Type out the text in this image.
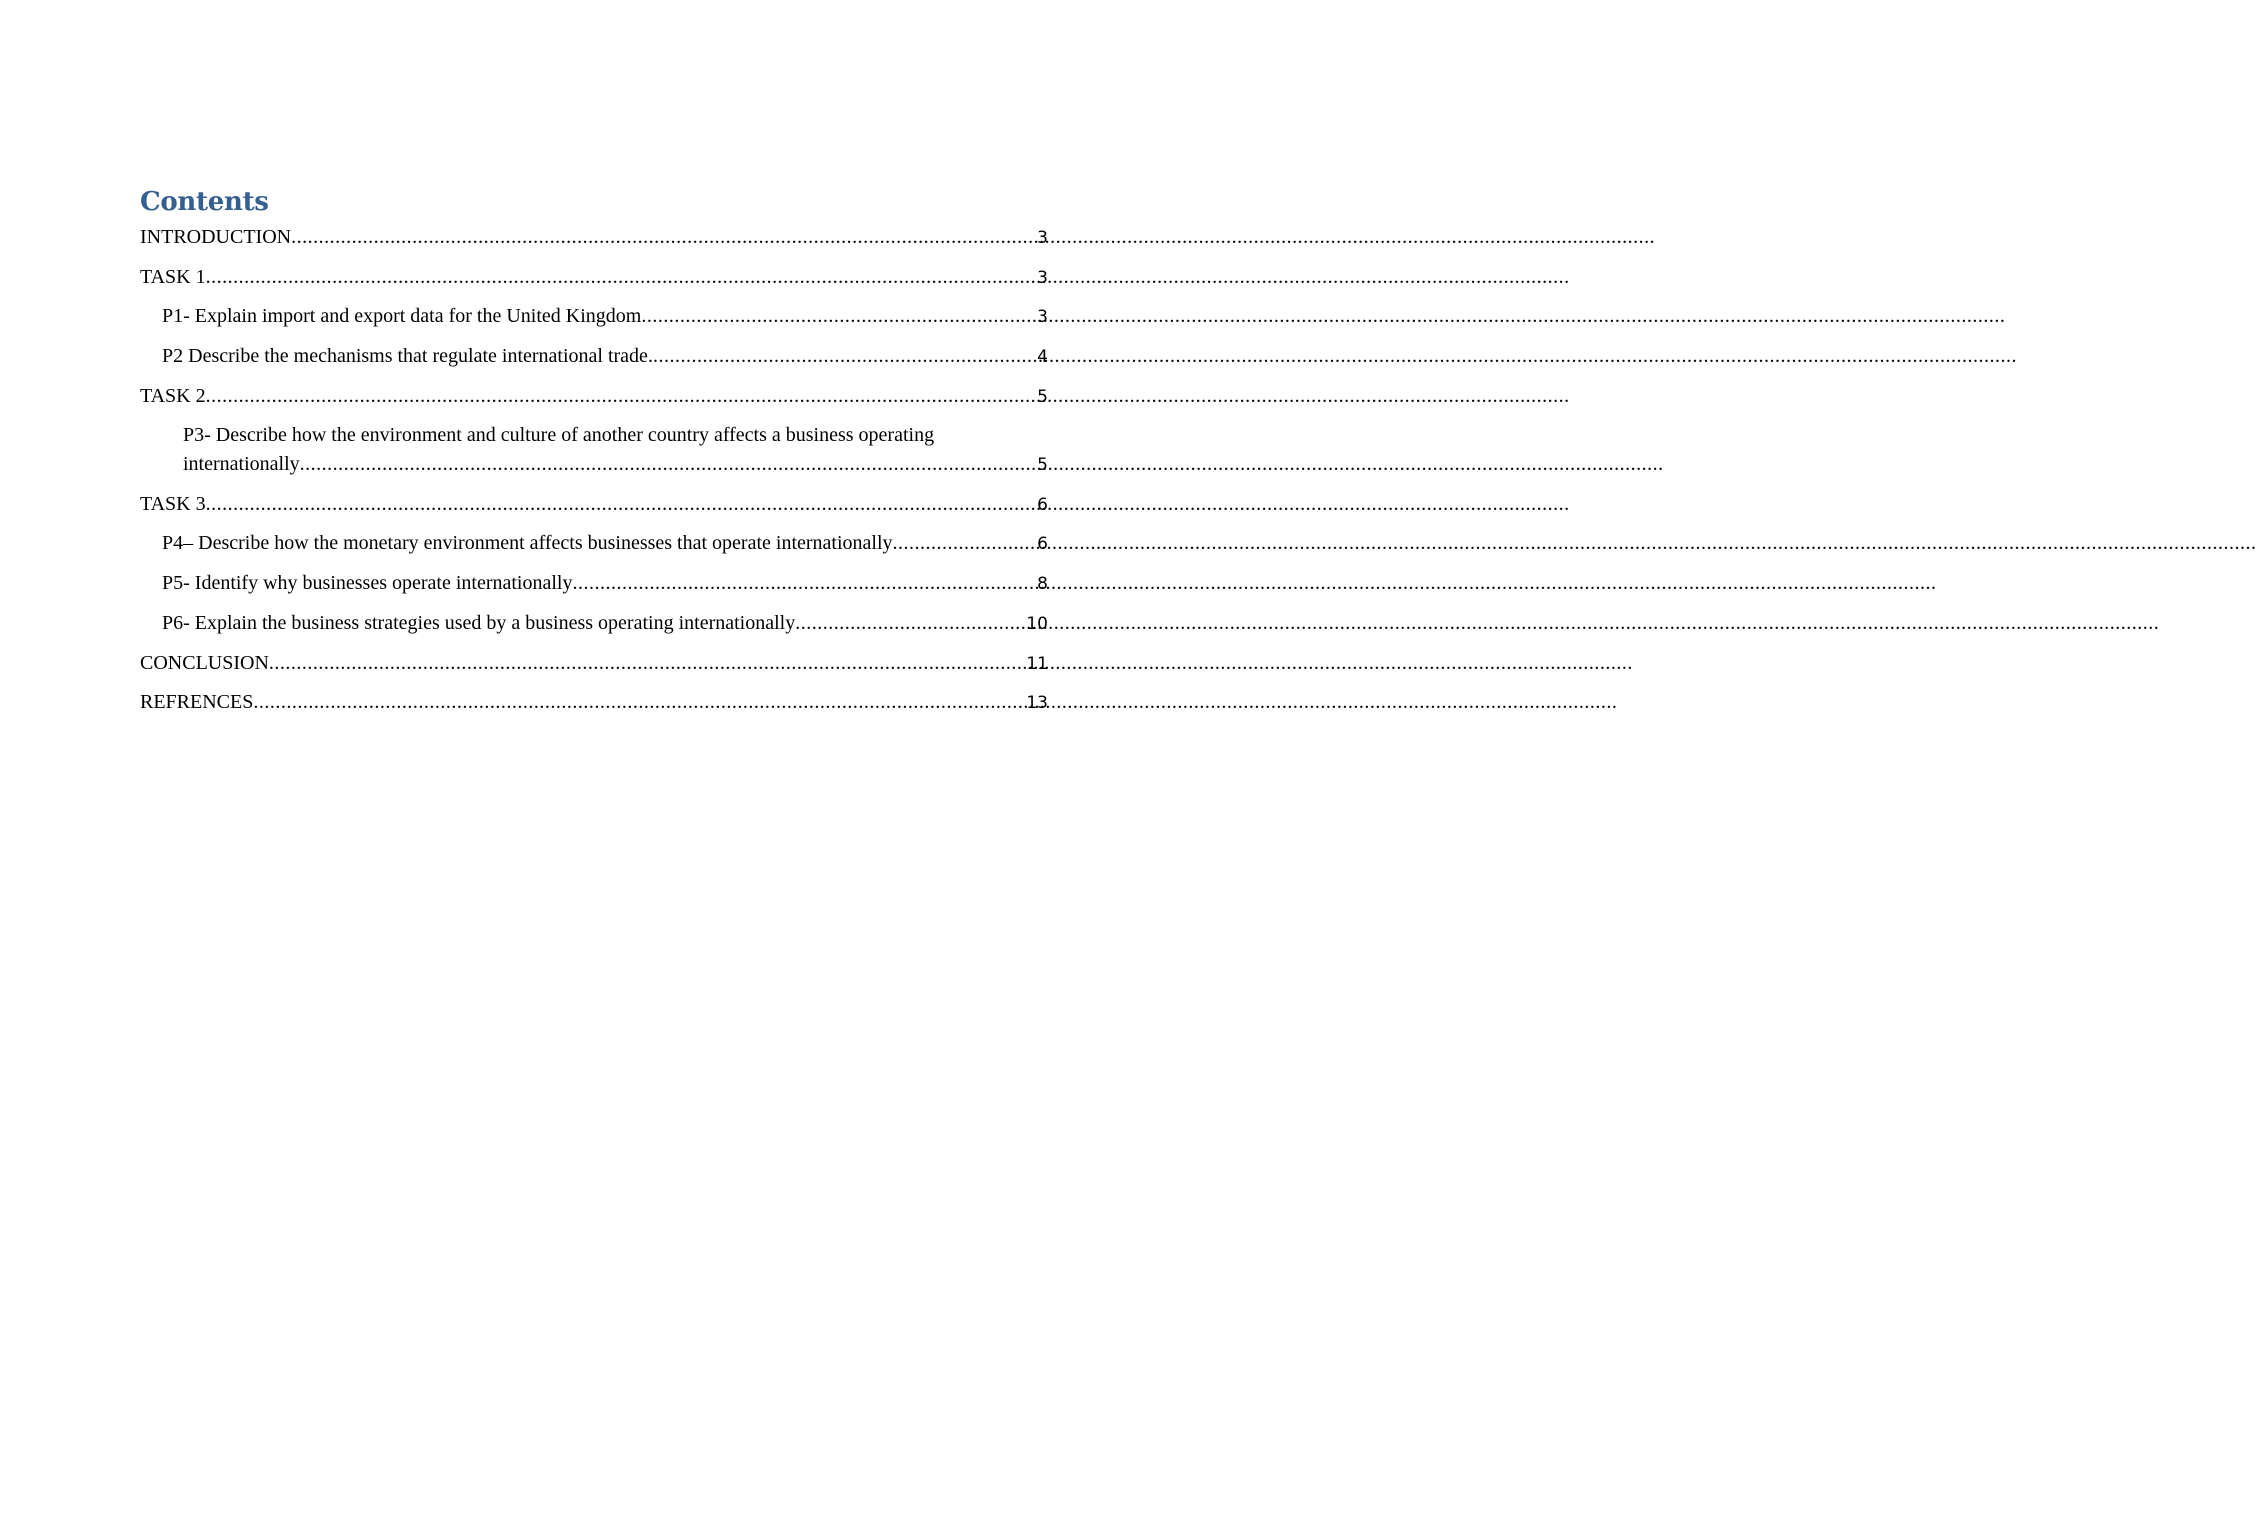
Contents
INTRODUCTION .....	3
TASK 1 .....	3
P1- Explain import and export data for the United Kingdom .....	3
P2 Describe the mechanisms that regulate international trade. .....	4
TASK 2 .....	5
P3- Describe how the environment and culture of another country affects a business operating
internationally .....	5
TASK 3 .....	6
P4– Describe how the monetary environment affects businesses that operate internationally .....	6
P5- Identify why businesses operate internationally .....	8
P6- Explain the business strategies used by a business operating internationally .....	10
CONCLUSION .....	11
REFRENCES .....	13
